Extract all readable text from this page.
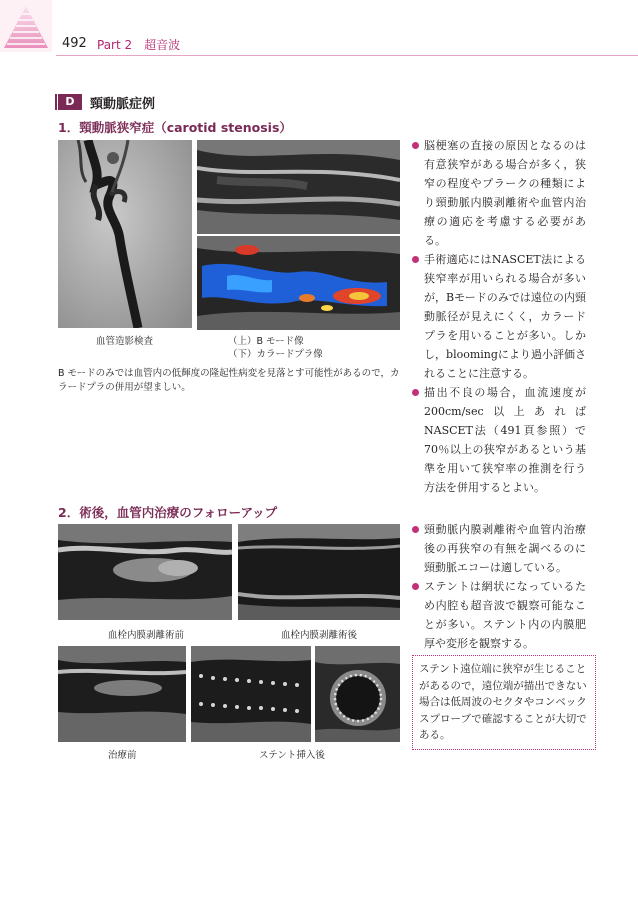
492 Part 2　超音波
D	頸動脈症例
1．頸動脈狭窄症（carotid stenosis）
血管造影検査	（上）B モード像
（下）カラードプラ像
B モードのみでは血管内の低輝度の隆起性病変を見落とす可能性があるので，カラードプラの併用が望ましい。
脳梗塞の直接の原因となるのは有意狭窄がある場合が多く，狭窄の程度やプラークの種類により頸動脈内膜剥離術や血管内治療の適応を考慮する必要がある。
手術適応にはNASCET法による狭窄率が用いられる場合が多いが，Bモードのみでは遠位の内頸動脈径が見えにくく，カラードプラを用いることが多い。しかし，bloomingにより過小評価されることに注意する。
描出不良の場合，血流速度が200cm/sec以上あればNASCET法（491頁参照）で70％以上の狭窄があるという基準を用いて狭窄率の推測を行う方法を併用するとよい。
2．術後，血管内治療のフォローアップ
血栓内膜剥離術前	血栓内膜剥離術後
治療前	ステント挿入後
頸動脈内膜剥離術や血管内治療後の再狭窄の有無を調べるのに頸動脈エコーは適している。
ステントは網状になっているため内腔も超音波で観察可能なことが多い。ステント内の内膜肥厚や変形を観察する。
ステント遠位端に狭窄が生じることがあるので，遠位端が描出できない場合は低周波のセクタやコンベックスプローブで確認することが大切である。
